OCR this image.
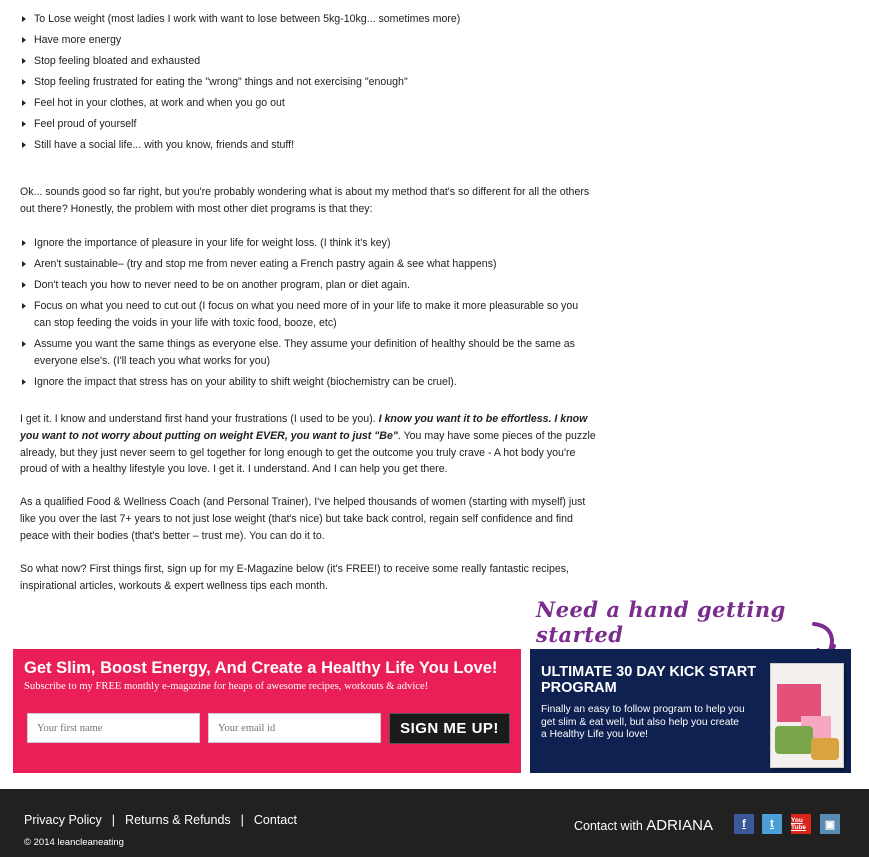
To Lose weight (most ladies I work with want to lose between 5kg-10kg... sometimes more)
Have more energy
Stop feeling bloated and exhausted
Stop feeling frustrated for eating the "wrong" things and not exercising "enough"
Feel hot in your clothes, at work and when you go out
Feel proud of yourself
Still have a social life... with you know, friends and stuff!

Ok... sounds good so far right, but you're probably wondering what is about my method that's so different for all the others out there? Honestly, the problem with most other diet programs is that they:

Ignore the importance of pleasure in your life for weight loss. (I think it's key)
Aren't sustainable– (try and stop me from never eating a French pastry again & see what happens)
Don't teach you how to never need to be on another program, plan or diet again.
Focus on what you need to cut out (I focus on what you need more of in your life to make it more pleasurable so you can stop feeding the voids in your life with toxic food, booze, etc)
Assume you want the same things as everyone else. They assume your definition of healthy should be the same as everyone else's. (I'll teach you what works for you)
Ignore the impact that stress has on your ability to shift weight (biochemistry can be cruel).

I get it. I know and understand first hand your frustrations (I used to be you). I know you want it to be effortless. I know you want to not worry about putting on weight EVER, you want to just "Be". You may have some pieces of the puzzle already, but they just never seem to gel together for long enough to get the outcome you truly crave - A hot body you're proud of with a healthy lifestyle you love. I get it. I understand. And I can help you get there.

As a qualified Food & Wellness Coach (and Personal Trainer), I've helped thousands of women (starting with myself) just like you over the last 7+ years to not just lose weight (that's nice) but take back control, regain self confidence and find peace with their bodies (that's better – trust me). You can do it to.

So what now? First things first, sign up for my E-Magazine below (it's FREE!) to receive some really fantastic recipes, inspirational articles, workouts & expert wellness tips each month.

Need a hand getting started
Get Slim, Boost Energy, And Create a Healthy Life You Love!
Subscribe to my FREE monthly e-magazine for heaps of awesome recipes, workouts & advice!
Your first name
Your email id
SIGN ME UP!
ULTIMATE 30 DAY KICK START PROGRAM
Finally an easy to follow program to help you get slim & eat well, but also help you create a Healthy Life you love!
Privacy Policy | Returns & Refunds | Contact
© 2014 leancleaneating
Contact with ADRIANA	f	t	You Tube	▣
